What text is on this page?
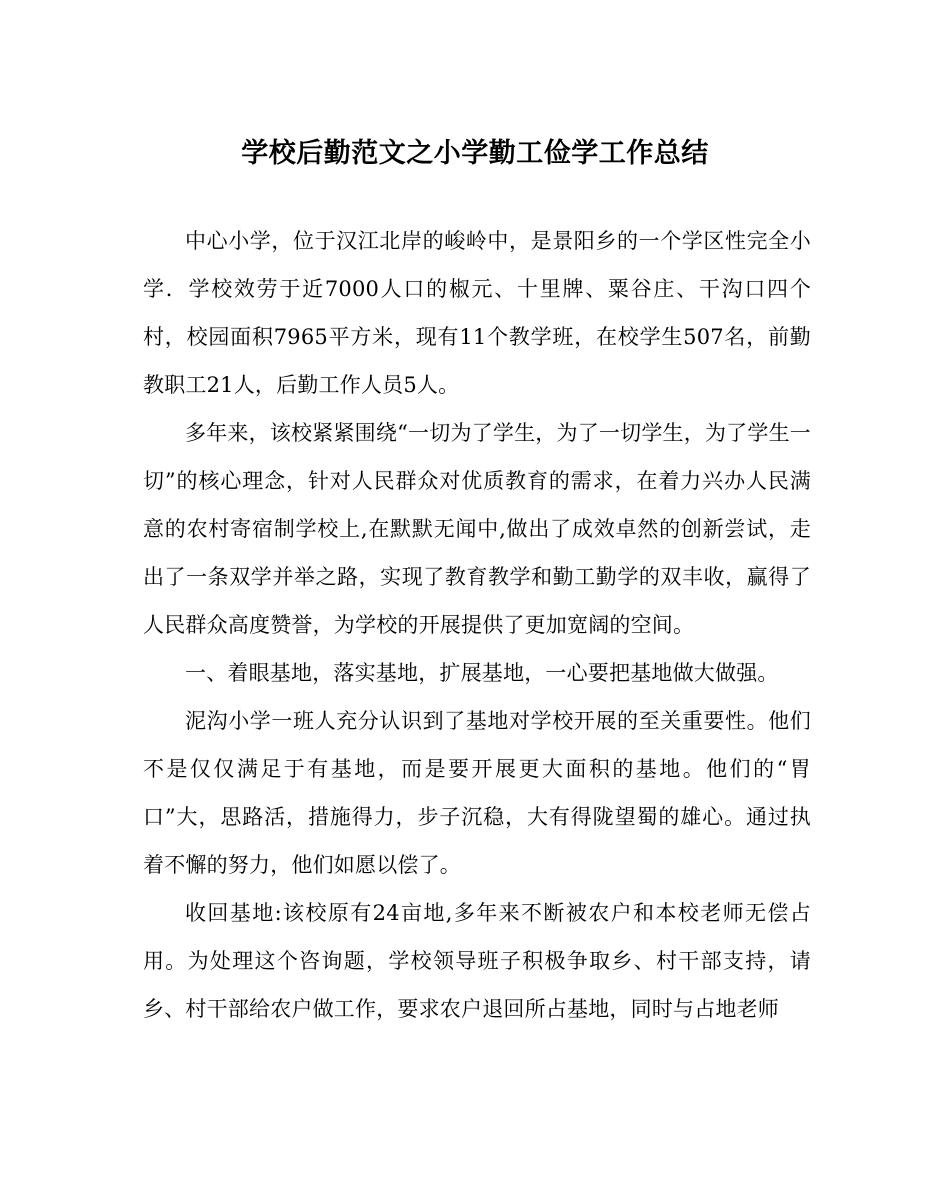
学校后勤范文之小学勤工俭学工作总结

中心小学，位于汉江北岸的峻岭中，是景阳乡的一个学区性完全小学．学校效劳于近7000人口的椒元、十里牌、粟谷庄、干沟口四个村，校园面积7965平方米，现有11个教学班，在校学生507名，前勤教职工21人，后勤工作人员5人。

多年来，该校紧紧围绕“一切为了学生，为了一切学生，为了学生一切”的核心理念，针对人民群众对优质教育的需求，在着力兴办人民满意的农村寄宿制学校上,在默默无闻中,做出了成效卓然的创新尝试，走出了一条双学并举之路，实现了教育教学和勤工勤学的双丰收，赢得了人民群众高度赞誉，为学校的开展提供了更加宽阔的空间。

一、着眼基地，落实基地，扩展基地，一心要把基地做大做强。

泥沟小学一班人充分认识到了基地对学校开展的至关重要性。他们不是仅仅满足于有基地，而是要开展更大面积的基地。他们的“胃口”大，思路活，措施得力，步子沉稳，大有得陇望蜀的雄心。通过执着不懈的努力，他们如愿以偿了。

收回基地:该校原有24亩地,多年来不断被农户和本校老师无偿占用。为处理这个咨询题，学校领导班子积极争取乡、村干部支持，请乡、村干部给农户做工作，要求农户退回所占基地，同时与占地老师
